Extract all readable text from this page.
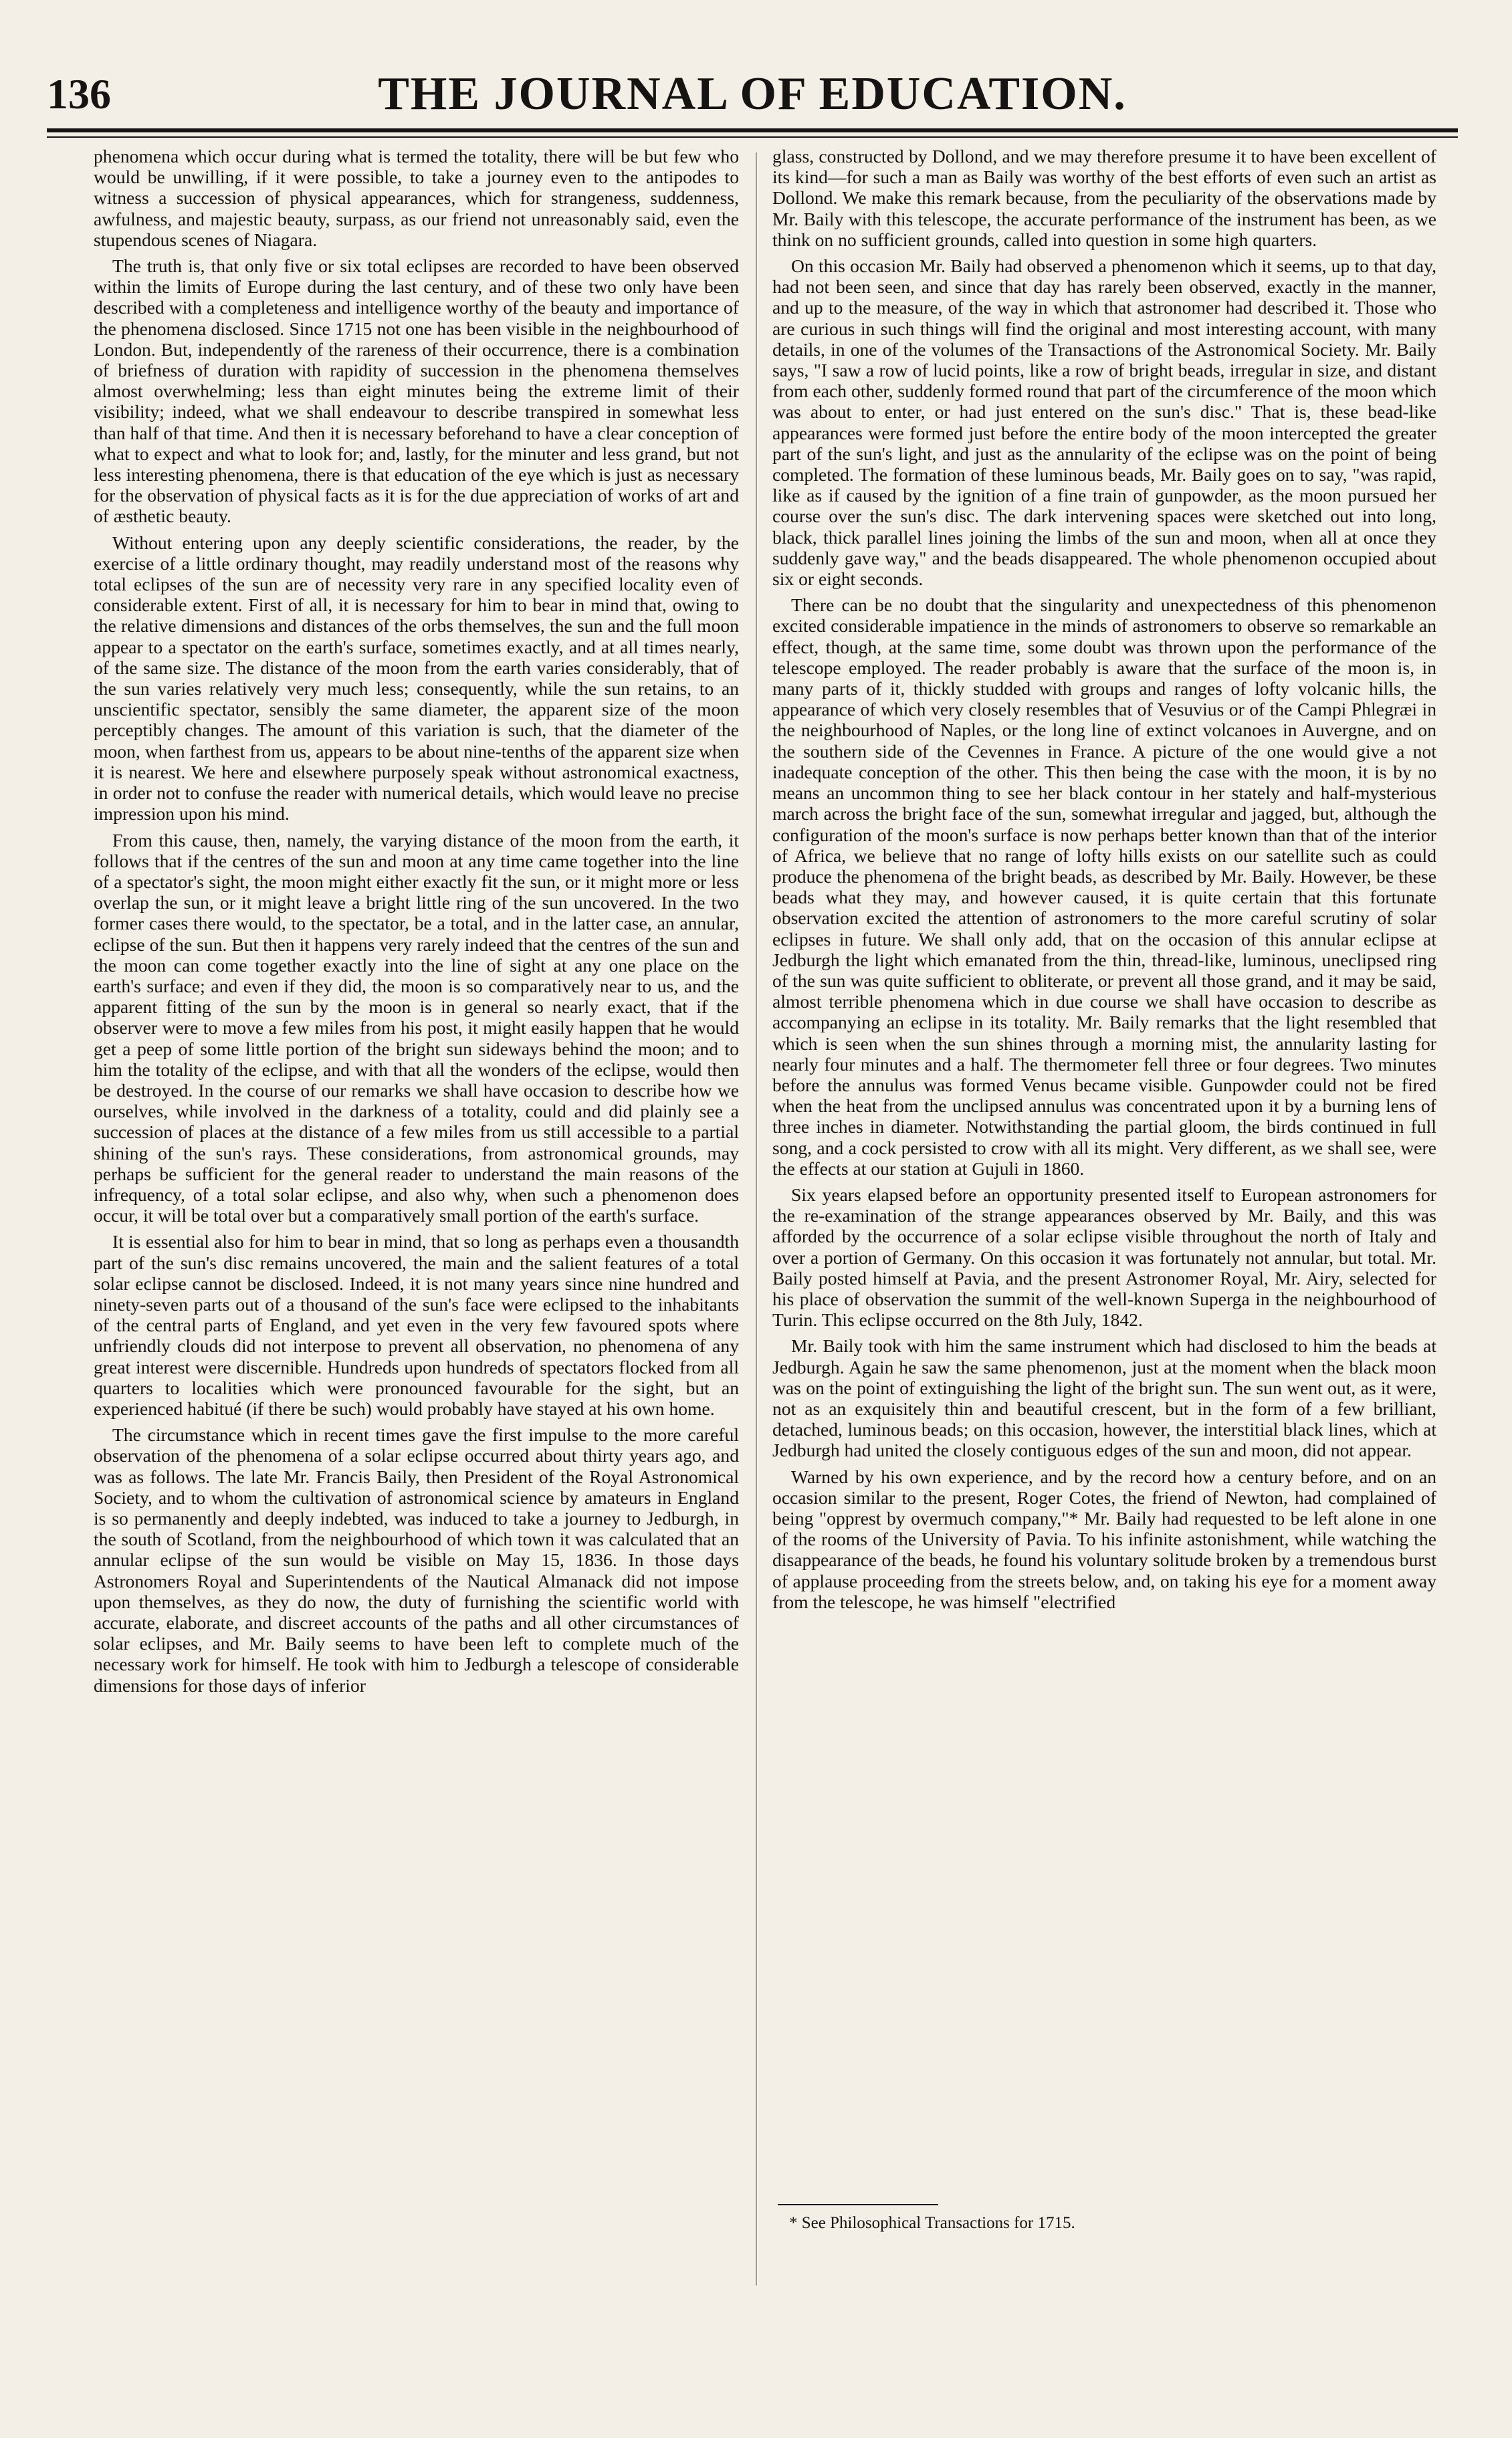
136	THE JOURNAL OF EDUCATION.

phenomena which occur during what is termed the totality, there will be but few who would be unwilling, if it were possible, to take a journey even to the antipodes to witness a succession of physical appearances, which for strangeness, suddenness, awfulness, and majestic beauty, surpass, as our friend not unreasonably said, even the stupendous scenes of Niagara.

The truth is, that only five or six total eclipses are recorded to have been observed within the limits of Europe during the last century, and of these two only have been described with a completeness and intelligence worthy of the beauty and importance of the phenomena disclosed. Since 1715 not one has been visible in the neighbourhood of London. But, independently of the rareness of their occurrence, there is a combination of briefness of duration with rapidity of succession in the phenomena themselves almost overwhelming; less than eight minutes being the extreme limit of their visibility; indeed, what we shall endeavour to describe transpired in somewhat less than half of that time. And then it is necessary beforehand to have a clear conception of what to expect and what to look for; and, lastly, for the minuter and less grand, but not less interesting phenomena, there is that education of the eye which is just as necessary for the observation of physical facts as it is for the due appreciation of works of art and of æsthetic beauty.

Without entering upon any deeply scientific considerations, the reader, by the exercise of a little ordinary thought, may readily understand most of the reasons why total eclipses of the sun are of necessity very rare in any specified locality even of considerable extent. First of all, it is necessary for him to bear in mind that, owing to the relative dimensions and distances of the orbs themselves, the sun and the full moon appear to a spectator on the earth's surface, sometimes exactly, and at all times nearly, of the same size. The distance of the moon from the earth varies considerably, that of the sun varies relatively very much less; consequently, while the sun retains, to an unscientific spectator, sensibly the same diameter, the apparent size of the moon perceptibly changes. The amount of this variation is such, that the diameter of the moon, when farthest from us, appears to be about nine-tenths of the apparent size when it is nearest. We here and elsewhere purposely speak without astronomical exactness, in order not to confuse the reader with numerical details, which would leave no precise impression upon his mind.

From this cause, then, namely, the varying distance of the moon from the earth, it follows that if the centres of the sun and moon at any time came together into the line of a spectator's sight, the moon might either exactly fit the sun, or it might more or less overlap the sun, or it might leave a bright little ring of the sun uncovered. In the two former cases there would, to the spectator, be a total, and in the latter case, an annular, eclipse of the sun. But then it happens very rarely indeed that the centres of the sun and the moon can come together exactly into the line of sight at any one place on the earth's surface; and even if they did, the moon is so comparatively near to us, and the apparent fitting of the sun by the moon is in general so nearly exact, that if the observer were to move a few miles from his post, it might easily happen that he would get a peep of some little portion of the bright sun sideways behind the moon; and to him the totality of the eclipse, and with that all the wonders of the eclipse, would then be destroyed. In the course of our remarks we shall have occasion to describe how we ourselves, while involved in the darkness of a totality, could and did plainly see a succession of places at the distance of a few miles from us still accessible to a partial shining of the sun's rays. These considerations, from astronomical grounds, may perhaps be sufficient for the general reader to understand the main reasons of the infrequency, of a total solar eclipse, and also why, when such a phenomenon does occur, it will be total over but a comparatively small portion of the earth's surface.

It is essential also for him to bear in mind, that so long as perhaps even a thousandth part of the sun's disc remains uncovered, the main and the salient features of a total solar eclipse cannot be disclosed. Indeed, it is not many years since nine hundred and ninety-seven parts out of a thousand of the sun's face were eclipsed to the inhabitants of the central parts of England, and yet even in the very few favoured spots where unfriendly clouds did not interpose to prevent all observation, no phenomena of any great interest were discernible. Hundreds upon hundreds of spectators flocked from all quarters to localities which were pronounced favourable for the sight, but an experienced habitué (if there be such) would probably have stayed at his own home.

The circumstance which in recent times gave the first impulse to the more careful observation of the phenomena of a solar eclipse occurred about thirty years ago, and was as follows. The late Mr. Francis Baily, then President of the Royal Astronomical Society, and to whom the cultivation of astronomical science by amateurs in England is so permanently and deeply indebted, was induced to take a journey to Jedburgh, in the south of Scotland, from the neighbourhood of which town it was calculated that an annular eclipse of the sun would be visible on May 15, 1836. In those days Astronomers Royal and Superintendents of the Nautical Almanack did not impose upon themselves, as they do now, the duty of furnishing the scientific world with accurate, elaborate, and discreet accounts of the paths and all other circumstances of solar eclipses, and Mr. Baily seems to have been left to complete much of the necessary work for himself. He took with him to Jedburgh a telescope of considerable dimensions for those days of inferior

glass, constructed by Dollond, and we may therefore presume it to have been excellent of its kind—for such a man as Baily was worthy of the best efforts of even such an artist as Dollond. We make this remark because, from the peculiarity of the observations made by Mr. Baily with this telescope, the accurate performance of the instrument has been, as we think on no sufficient grounds, called into question in some high quarters.

On this occasion Mr. Baily had observed a phenomenon which it seems, up to that day, had not been seen, and since that day has rarely been observed, exactly in the manner, and up to the measure, of the way in which that astronomer had described it. Those who are curious in such things will find the original and most interesting account, with many details, in one of the volumes of the Transactions of the Astronomical Society. Mr. Baily says, "I saw a row of lucid points, like a row of bright beads, irregular in size, and distant from each other, suddenly formed round that part of the circumference of the moon which was about to enter, or had just entered on the sun's disc." That is, these bead-like appearances were formed just before the entire body of the moon intercepted the greater part of the sun's light, and just as the annularity of the eclipse was on the point of being completed. The formation of these luminous beads, Mr. Baily goes on to say, "was rapid, like as if caused by the ignition of a fine train of gunpowder, as the moon pursued her course over the sun's disc. The dark intervening spaces were sketched out into long, black, thick parallel lines joining the limbs of the sun and moon, when all at once they suddenly gave way," and the beads disappeared. The whole phenomenon occupied about six or eight seconds.

There can be no doubt that the singularity and unexpectedness of this phenomenon excited considerable impatience in the minds of astronomers to observe so remarkable an effect, though, at the same time, some doubt was thrown upon the performance of the telescope employed. The reader probably is aware that the surface of the moon is, in many parts of it, thickly studded with groups and ranges of lofty volcanic hills, the appearance of which very closely resembles that of Vesuvius or of the Campi Phlegræi in the neighbourhood of Naples, or the long line of extinct volcanoes in Auvergne, and on the southern side of the Cevennes in France. A picture of the one would give a not inadequate conception of the other. This then being the case with the moon, it is by no means an uncommon thing to see her black contour in her stately and half-mysterious march across the bright face of the sun, somewhat irregular and jagged, but, although the configuration of the moon's surface is now perhaps better known than that of the interior of Africa, we believe that no range of lofty hills exists on our satellite such as could produce the phenomena of the bright beads, as described by Mr. Baily. However, be these beads what they may, and however caused, it is quite certain that this fortunate observation excited the attention of astronomers to the more careful scrutiny of solar eclipses in future. We shall only add, that on the occasion of this annular eclipse at Jedburgh the light which emanated from the thin, thread-like, luminous, uneclipsed ring of the sun was quite sufficient to obliterate, or prevent all those grand, and it may be said, almost terrible phenomena which in due course we shall have occasion to describe as accompanying an eclipse in its totality. Mr. Baily remarks that the light resembled that which is seen when the sun shines through a morning mist, the annularity lasting for nearly four minutes and a half. The thermometer fell three or four degrees. Two minutes before the annulus was formed Venus became visible. Gunpowder could not be fired when the heat from the unclipsed annulus was concentrated upon it by a burning lens of three inches in diameter. Notwithstanding the partial gloom, the birds continued in full song, and a cock persisted to crow with all its might. Very different, as we shall see, were the effects at our station at Gujuli in 1860.

Six years elapsed before an opportunity presented itself to European astronomers for the re-examination of the strange appearances observed by Mr. Baily, and this was afforded by the occurrence of a solar eclipse visible throughout the north of Italy and over a portion of Germany. On this occasion it was fortunately not annular, but total. Mr. Baily posted himself at Pavia, and the present Astronomer Royal, Mr. Airy, selected for his place of observation the summit of the well-known Superga in the neighbourhood of Turin. This eclipse occurred on the 8th July, 1842.

Mr. Baily took with him the same instrument which had disclosed to him the beads at Jedburgh. Again he saw the same phenomenon, just at the moment when the black moon was on the point of extinguishing the light of the bright sun. The sun went out, as it were, not as an exquisitely thin and beautiful crescent, but in the form of a few brilliant, detached, luminous beads; on this occasion, however, the interstitial black lines, which at Jedburgh had united the closely contiguous edges of the sun and moon, did not appear.

Warned by his own experience, and by the record how a century before, and on an occasion similar to the present, Roger Cotes, the friend of Newton, had complained of being "opprest by overmuch company,"* Mr. Baily had requested to be left alone in one of the rooms of the University of Pavia. To his infinite astonishment, while watching the disappearance of the beads, he found his voluntary solitude broken by a tremendous burst of applause proceeding from the streets below, and, on taking his eye for a moment away from the telescope, he was himself "electrified

* See Philosophical Transactions for 1715.
